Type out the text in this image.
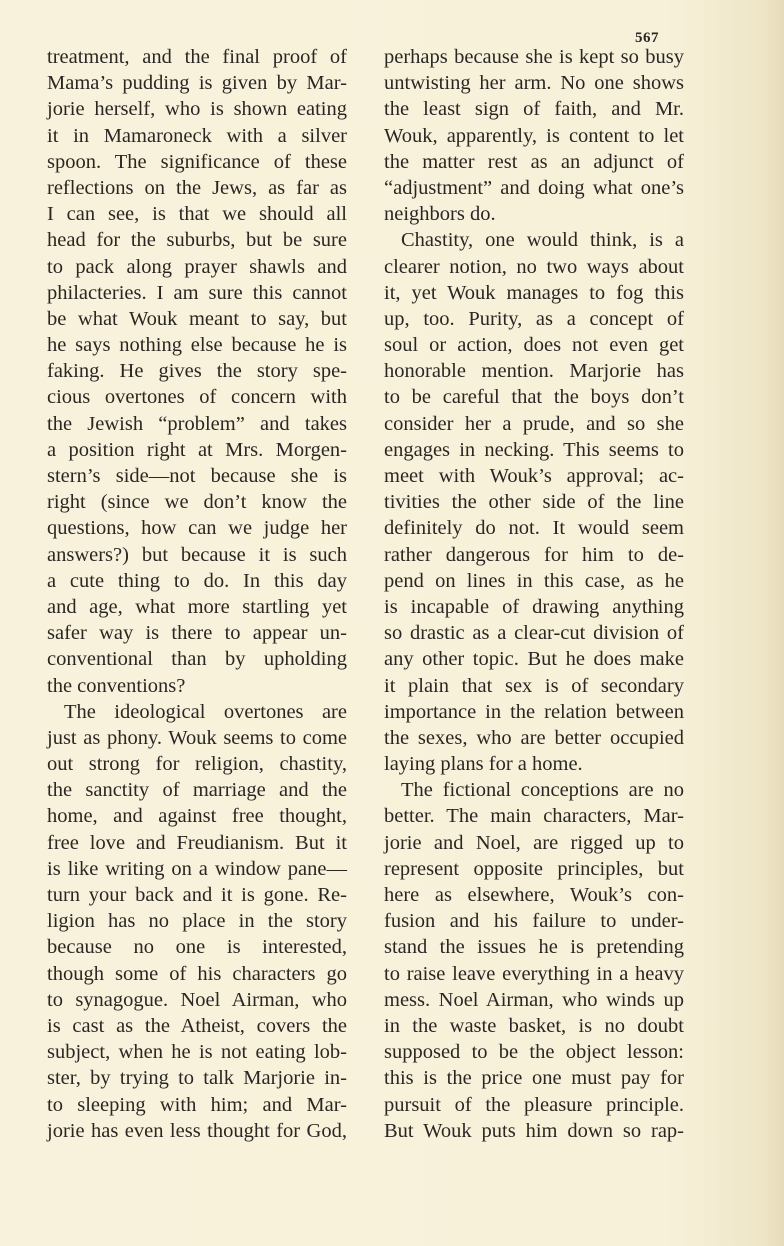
567
treatment, and the final proof of
Mama’s pudding is given by Mar-
jorie herself, who is shown eating
it in Mamaroneck with a silver
spoon. The significance of these
reflections on the Jews, as far as
I can see, is that we should all
head for the suburbs, but be sure
to pack along prayer shawls and
philacteries. I am sure this cannot
be what Wouk meant to say, but
he says nothing else because he is
faking. He gives the story spe-
cious overtones of concern with
the Jewish “problem” and takes
a position right at Mrs. Morgen-
stern’s side—not because she is
right (since we don’t know the
questions, how can we judge her
answers?) but because it is such
a cute thing to do. In this day
and age, what more startling yet
safer way is there to appear un-
conventional than by upholding
the conventions?
The ideological overtones are
just as phony. Wouk seems to come
out strong for religion, chastity,
the sanctity of marriage and the
home, and against free thought,
free love and Freudianism. But it
is like writing on a window pane—
turn your back and it is gone. Re-
ligion has no place in the story
because no one is interested,
though some of his characters go
to synagogue. Noel Airman, who
is cast as the Atheist, covers the
subject, when he is not eating lob-
ster, by trying to talk Marjorie in-
to sleeping with him; and Mar-
jorie has even less thought for God,
perhaps because she is kept so busy
untwisting her arm. No one shows
the least sign of faith, and Mr.
Wouk, apparently, is content to let
the matter rest as an adjunct of
“adjustment” and doing what one’s
neighbors do.
Chastity, one would think, is a
clearer notion, no two ways about
it, yet Wouk manages to fog this
up, too. Purity, as a concept of
soul or action, does not even get
honorable mention. Marjorie has
to be careful that the boys don’t
consider her a prude, and so she
engages in necking. This seems to
meet with Wouk’s approval; ac-
tivities the other side of the line
definitely do not. It would seem
rather dangerous for him to de-
pend on lines in this case, as he
is incapable of drawing anything
so drastic as a clear-cut division of
any other topic. But he does make
it plain that sex is of secondary
importance in the relation between
the sexes, who are better occupied
laying plans for a home.
The fictional conceptions are no
better. The main characters, Mar-
jorie and Noel, are rigged up to
represent opposite principles, but
here as elsewhere, Wouk’s con-
fusion and his failure to under-
stand the issues he is pretending
to raise leave everything in a heavy
mess. Noel Airman, who winds up
in the waste basket, is no doubt
supposed to be the object lesson:
this is the price one must pay for
pursuit of the pleasure principle.
But Wouk puts him down so rap-
